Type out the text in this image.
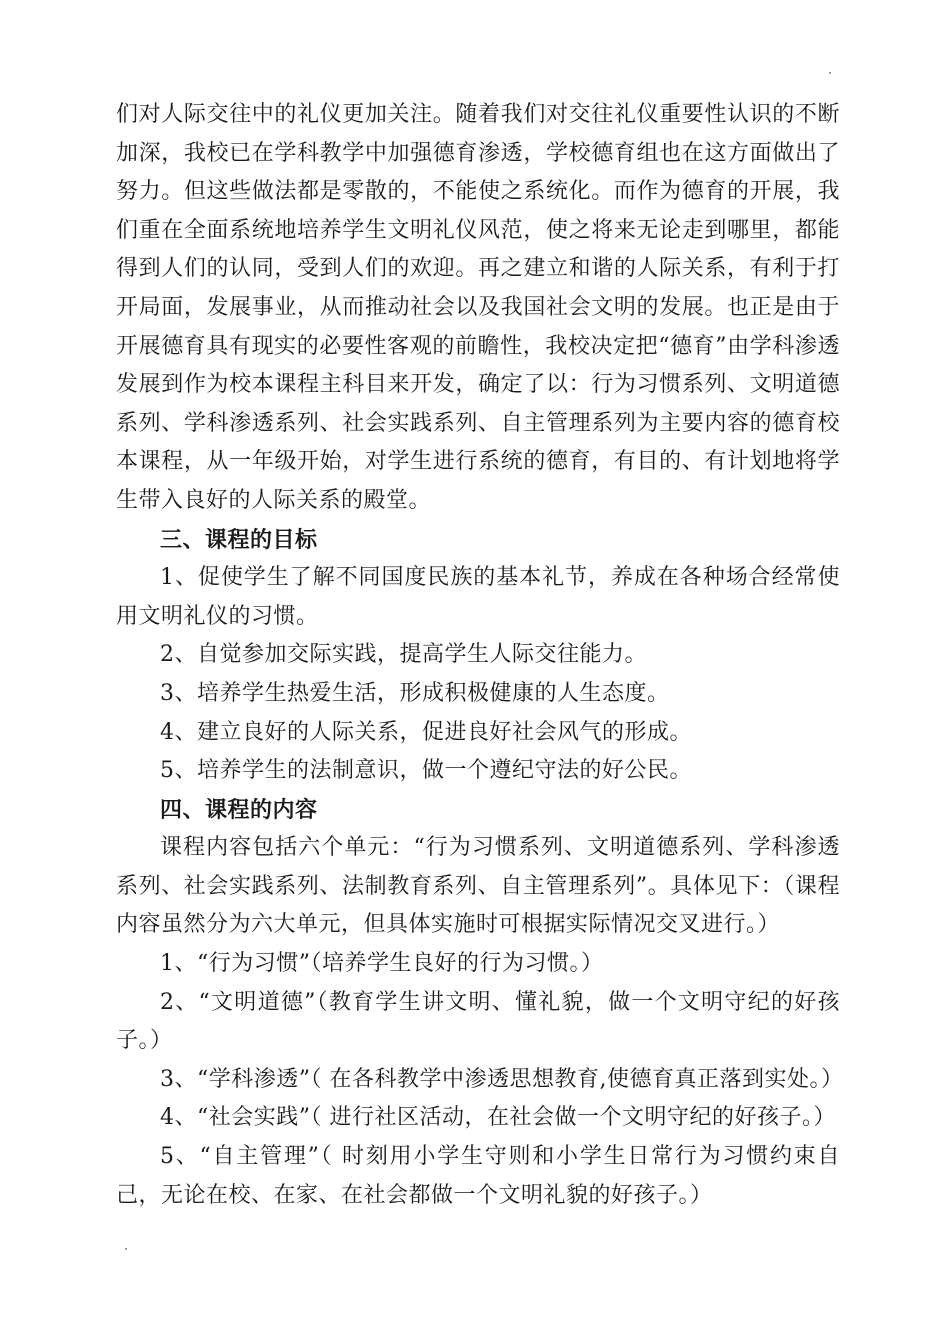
们对人际交往中的礼仪更加关注。随着我们对交往礼仪重要性认识的不断加深，我校已在学科教学中加强德育渗透，学校德育组也在这方面做出了努力。但这些做法都是零散的，不能使之系统化。而作为德育的开展，我们重在全面系统地培养学生文明礼仪风范，使之将来无论走到哪里，都能得到人们的认同，受到人们的欢迎。再之建立和谐的人际关系，有利于打开局面，发展事业，从而推动社会以及我国社会文明的发展。也正是由于开展德育具有现实的必要性客观的前瞻性，我校决定把“德育”由学科渗透发展到作为校本课程主科目来开发，确定了以：行为习惯系列、文明道德系列、学科渗透系列、社会实践系列、自主管理系列为主要内容的德育校本课程，从一年级开始，对学生进行系统的德育，有目的、有计划地将学生带入良好的人际关系的殿堂。

三、课程的目标

1、促使学生了解不同国度民族的基本礼节，养成在各种场合经常使用文明礼仪的习惯。

2、自觉参加交际实践，提高学生人际交往能力。

3、培养学生热爱生活，形成积极健康的人生态度。

4、建立良好的人际关系，促进良好社会风气的形成。

5、培养学生的法制意识，做一个遵纪守法的好公民。

四、课程的内容

课程内容包括六个单元：“行为习惯系列、文明道德系列、学科渗透系列、社会实践系列、法制教育系列、自主管理系列”。具体见下：（课程内容虽然分为六大单元，但具体实施时可根据实际情况交叉进行。）

1、“行为习惯”（培养学生良好的行为习惯。）

2、“文明道德”（教育学生讲文明、懂礼貌，做一个文明守纪的好孩子。）

3、“学科渗透”（ 在各科教学中渗透思想教育,使德育真正落到实处。）

4、“社会实践”（ 进行社区活动，在社会做一个文明守纪的好孩子。）

5、“自主管理”（ 时刻用小学生守则和小学生日常行为习惯约束自己，无论在校、在家、在社会都做一个文明礼貌的好孩子。）
